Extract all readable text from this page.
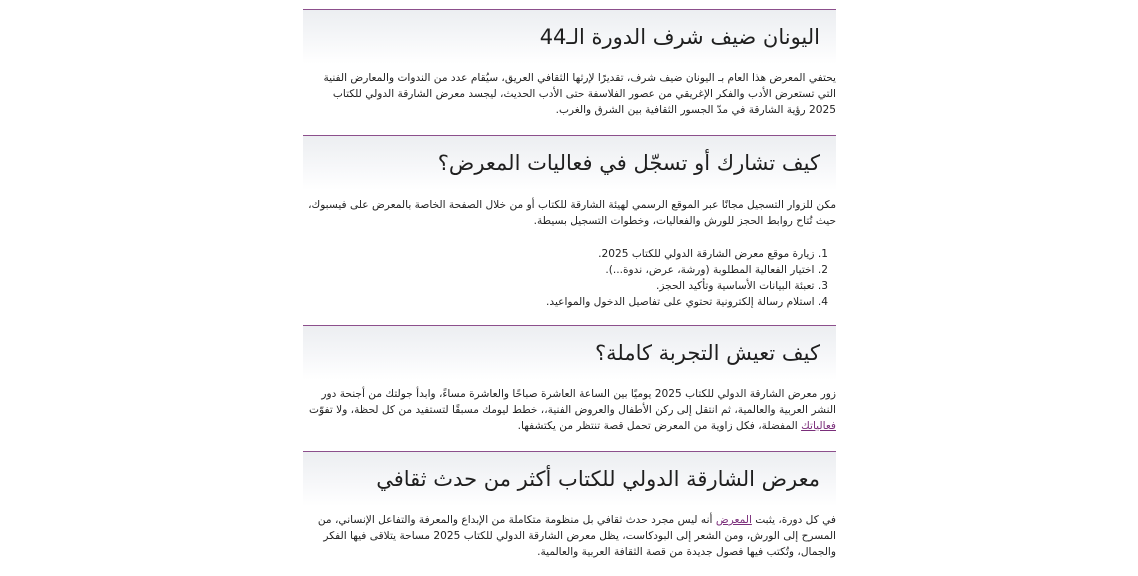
اليونان ضيف شرف الدورة الـ44

يحتفي المعرض هذا العام بـ اليونان ضيف شرف، تقديرًا لإرثها الثقافي العريق، سيُقام عدد من الندوات والمعارض الفنية التي تستعرض الأدب والفكر الإغريقي من عصور الفلاسفة حتى الأدب الحديث، ليجسد معرض الشارقة الدولي للكتاب 2025 رؤية الشارقة في مدّ الجسور الثقافية بين الشرق والغرب.

كيف تشارك أو تسجّل في فعاليات المعرض؟

مكن للزوار التسجيل مجانًا عبر الموقع الرسمي لهيئة الشارقة للكتاب أو من خلال الصفحة الخاصة بالمعرض على فيسبوك، حيث تُتاح روابط الحجز للورش والفعاليات، وخطوات التسجيل بسيطة.

1. زيارة موقع معرض الشارقة الدولي للكتاب 2025.
2. اختيار الفعالية المطلوبة (ورشة، عرض، ندوة...).
3. تعبئة البيانات الأساسية وتأكيد الحجز.
4. استلام رسالة إلكترونية تحتوي على تفاصيل الدخول والمواعيد.
كيف تعيش التجربة كاملة؟

زور معرض الشارقة الدولي للكتاب 2025 يوميًا بين الساعة العاشرة صباحًا والعاشرة مساءً، وابدأ جولتك من أجنحة دور النشر العربية والعالمية، ثم انتقل إلى ركن الأطفال والعروض الفنية،، خطط ليومك مسبقًا لتستفيد من كل لحظة، ولا تفوّت فعالياتك المفضلة، فكل زاوية من المعرض تحمل قصة تنتظر من يكتشفها.

معرض الشارقة الدولي للكتاب أكثر من حدث ثقافي

في كل دورة، يثبت المعرض أنه ليس مجرد حدث ثقافي بل منظومة متكاملة من الإبداع والمعرفة والتفاعل الإنساني، من المسرح إلى الورش، ومن الشعر إلى البودكاست، يظل معرض الشارقة الدولي للكتاب 2025 مساحة يتلاقى فيها الفكر والجمال، وتُكتب فيها فصول جديدة من قصة الثقافة العربية والعالمية.
